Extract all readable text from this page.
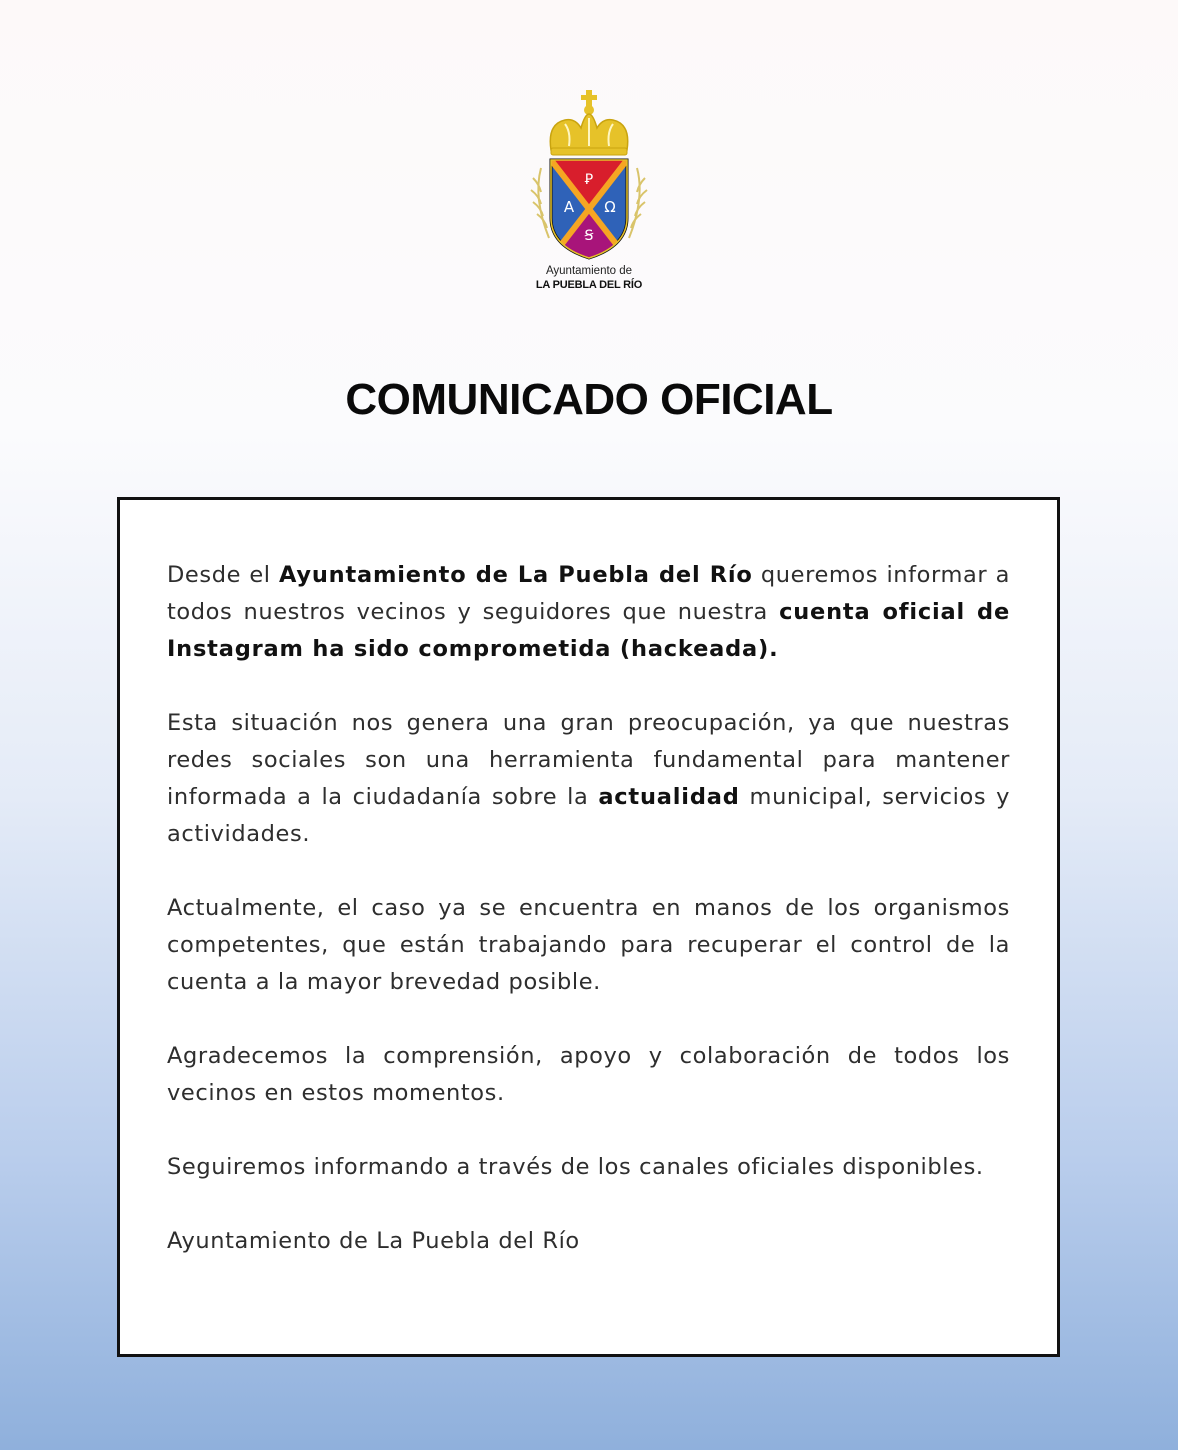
Ꝑ
Α Ω
Ꞩ
Ayuntamiento de
LA PUEBLA DEL RÍO
COMUNICADO OFICIAL

Desde el Ayuntamiento de La Puebla del Río queremos informar a todos nuestros vecinos y seguidores que nuestra cuenta oficial de Instagram ha sido comprometida (hackeada).

Esta situación nos genera una gran preocupación, ya que nuestras redes sociales son una herramienta fundamental para mantener informada a la ciudadanía sobre la actualidad municipal, servicios y actividades.

Actualmente, el caso ya se encuentra en manos de los organismos competentes, que están trabajando para recuperar el control de la cuenta a la mayor brevedad posible.

Agradecemos la comprensión, apoyo y colaboración de todos los vecinos en estos momentos.

Seguiremos informando a través de los canales oficiales disponibles.

Ayuntamiento de La Puebla del Río
